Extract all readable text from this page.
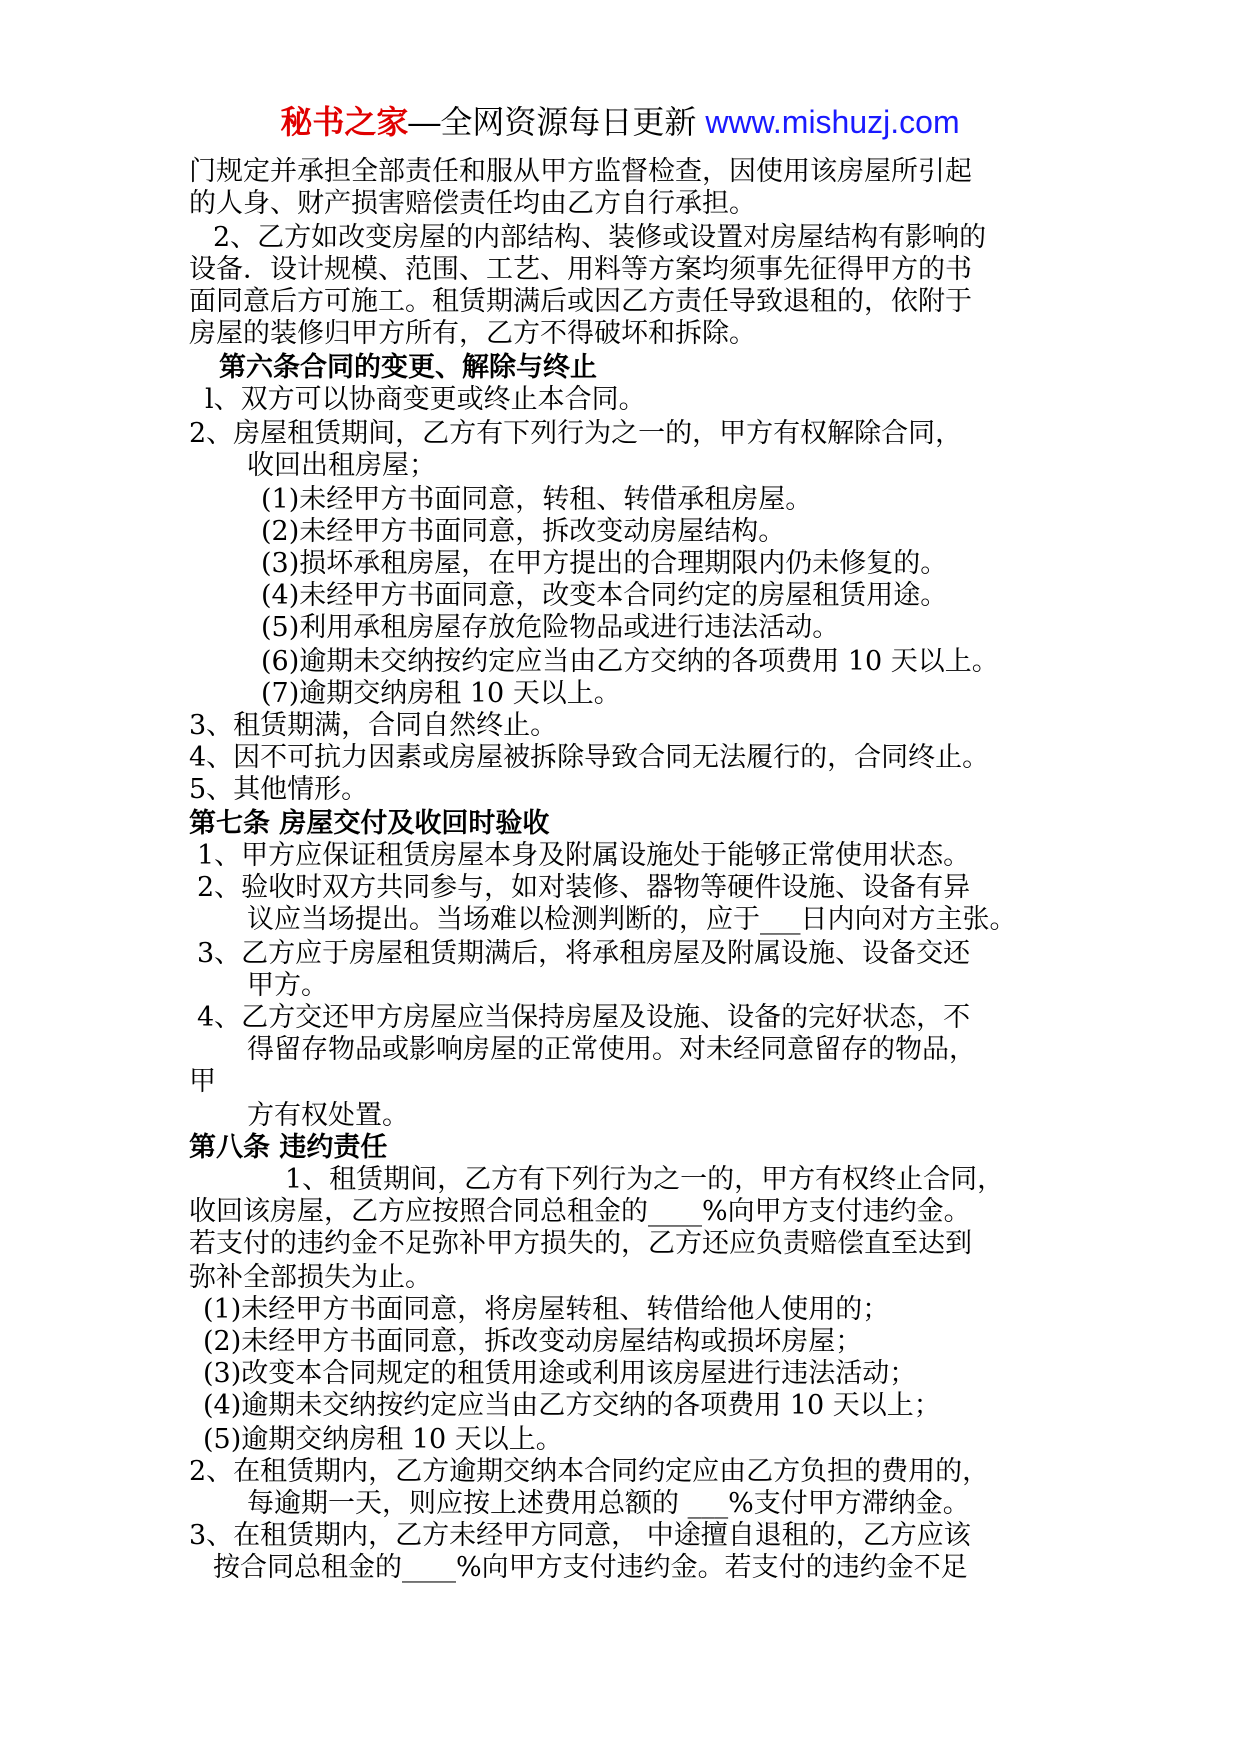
秘书之家—全网资源每日更新 www.mishuzj.com
门规定并承担全部责任和服从甲方监督检查，因使用该房屋所引起
的人身、财产损害赔偿责任均由乙方自行承担。
2、乙方如改变房屋的内部结构、装修或设置对房屋结构有影响的
设备．设计规模、范围、工艺、用料等方案均须事先征得甲方的书
面同意后方可施工。租赁期满后或因乙方责任导致退租的，依附于
房屋的装修归甲方所有，乙方不得破坏和拆除。
第六条合同的变更、解除与终止
l、双方可以协商变更或终止本合同。
2、房屋租赁期间，乙方有下列行为之一的，甲方有权解除合同，
收回出租房屋；
(1)未经甲方书面同意，转租、转借承租房屋。
(2)未经甲方书面同意，拆改变动房屋结构。
(3)损坏承租房屋，在甲方提出的合理期限内仍未修复的。
(4)未经甲方书面同意，改变本合同约定的房屋租赁用途。
(5)利用承租房屋存放危险物品或进行违法活动。
(6)逾期未交纳按约定应当由乙方交纳的各项费用 10 天以上。
(7)逾期交纳房租 10 天以上。
3、租赁期满，合同自然终止。
4、因不可抗力因素或房屋被拆除导致合同无法履行的，合同终止。
5、其他情形。
第七条 房屋交付及收回时验收
1、甲方应保证租赁房屋本身及附属设施处于能够正常使用状态。
2、验收时双方共同参与，如对装修、器物等硬件设施、设备有异
议应当场提出。当场难以检测判断的，应于___日内向对方主张。
3、乙方应于房屋租赁期满后，将承租房屋及附属设施、设备交还
甲方。
4、乙方交还甲方房屋应当保持房屋及设施、设备的完好状态，不
得留存物品或影响房屋的正常使用。对未经同意留存的物品，
甲
方有权处置。
第八条 违约责任
1、租赁期间，乙方有下列行为之一的，甲方有权终止合同，
收回该房屋，乙方应按照合同总租金的____%向甲方支付违约金。
若支付的违约金不足弥补甲方损失的，乙方还应负责赔偿直至达到
弥补全部损失为止。
(1)未经甲方书面同意，将房屋转租、转借给他人使用的；
(2)未经甲方书面同意，拆改变动房屋结构或损坏房屋；
(3)改变本合同规定的租赁用途或利用该房屋进行违法活动；
(4)逾期未交纳按约定应当由乙方交纳的各项费用 10 天以上；
(5)逾期交纳房租 10 天以上。
2、在租赁期内，乙方逾期交纳本合同约定应由乙方负担的费用的，
每逾期一天，则应按上述费用总额的 ___%支付甲方滞纳金。
3、在租赁期内，乙方未经甲方同意， 中途擅自退租的，乙方应该
按合同总租金的____%向甲方支付违约金。若支付的违约金不足
